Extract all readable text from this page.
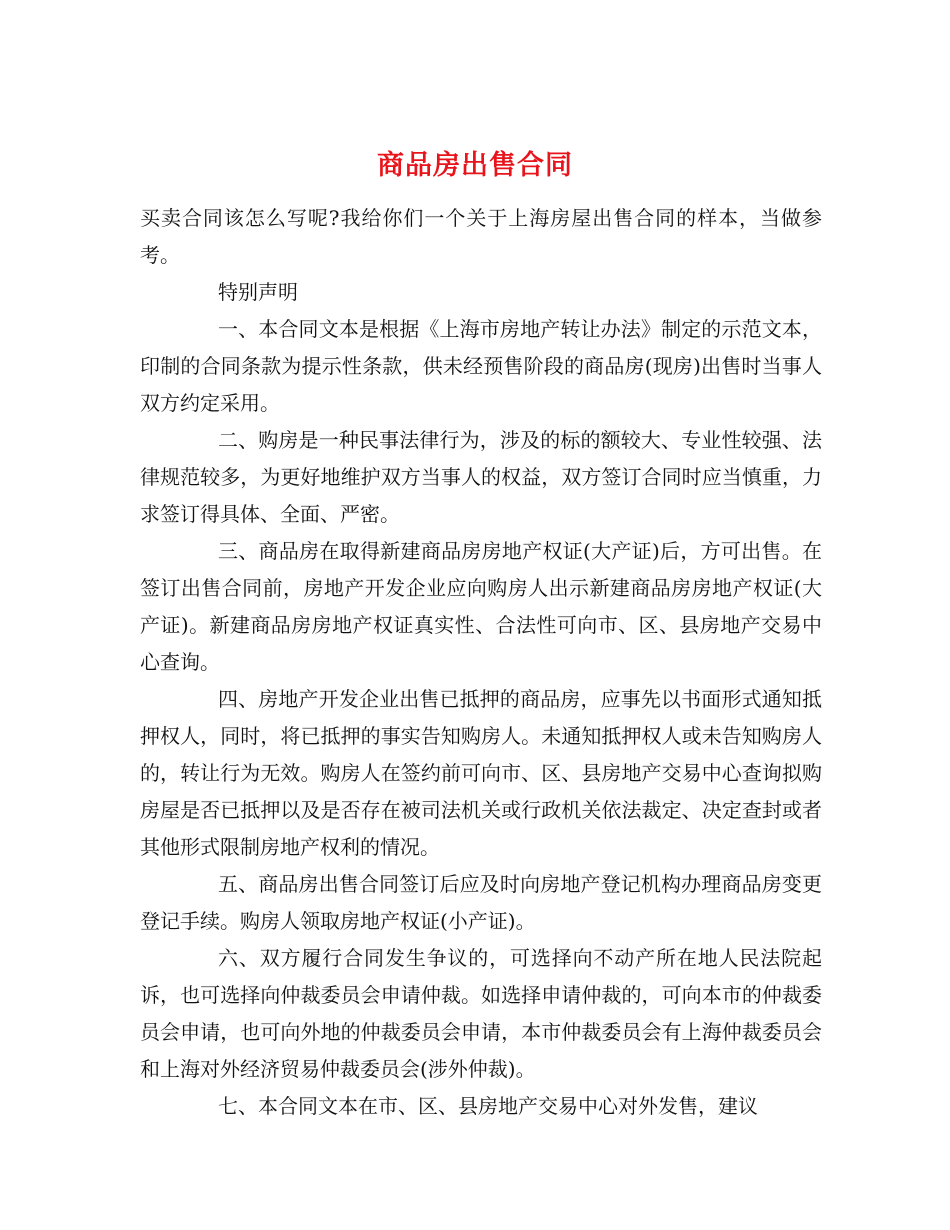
商品房出售合同

买卖合同该怎么写呢?我给你们一个关于上海房屋出售合同的样本，当做参考。

特别声明

一、本合同文本是根据《上海市房地产转让办法》制定的示范文本，印制的合同条款为提示性条款，供未经预售阶段的商品房(现房)出售时当事人双方约定采用。

二、购房是一种民事法律行为，涉及的标的额较大、专业性较强、法律规范较多，为更好地维护双方当事人的权益，双方签订合同时应当慎重，力求签订得具体、全面、严密。

三、商品房在取得新建商品房房地产权证(大产证)后，方可出售。在签订出售合同前，房地产开发企业应向购房人出示新建商品房房地产权证(大产证)。新建商品房房地产权证真实性、合法性可向市、区、县房地产交易中心查询。

四、房地产开发企业出售已抵押的商品房，应事先以书面形式通知抵押权人，同时，将已抵押的事实告知购房人。未通知抵押权人或未告知购房人的，转让行为无效。购房人在签约前可向市、区、县房地产交易中心查询拟购房屋是否已抵押以及是否存在被司法机关或行政机关依法裁定、决定查封或者其他形式限制房地产权利的情况。

五、商品房出售合同签订后应及时向房地产登记机构办理商品房变更登记手续。购房人领取房地产权证(小产证)。

六、双方履行合同发生争议的，可选择向不动产所在地人民法院起诉，也可选择向仲裁委员会申请仲裁。如选择申请仲裁的，可向本市的仲裁委员会申请，也可向外地的仲裁委员会申请，本市仲裁委员会有上海仲裁委员会和上海对外经济贸易仲裁委员会(涉外仲裁)。

七、本合同文本在市、区、县房地产交易中心对外发售，建议
